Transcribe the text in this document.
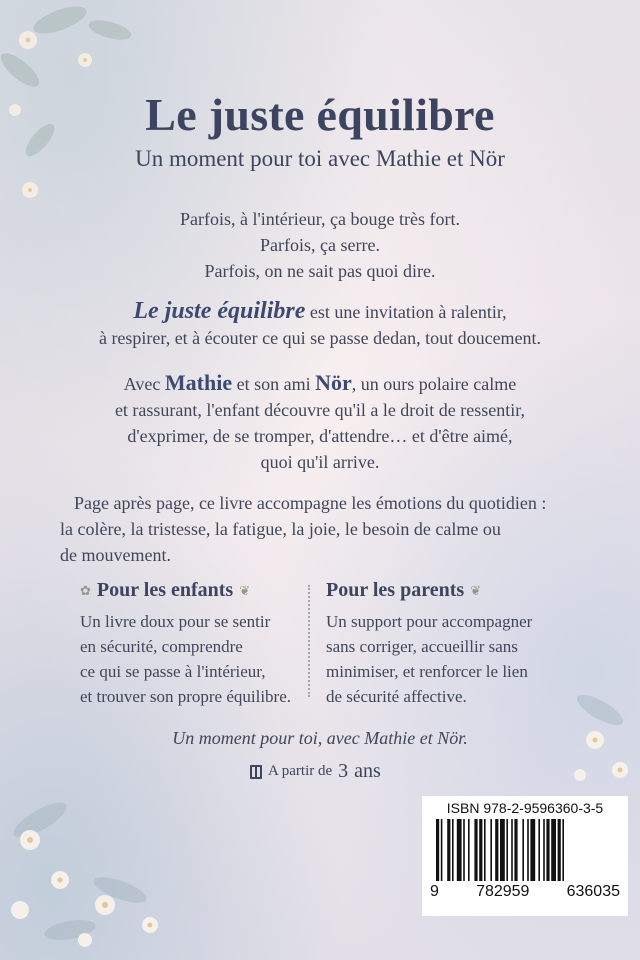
Le juste équilibre
Un moment pour toi avec Mathie et Nör
Parfois, à l'intérieur, ça bouge très fort.
Parfois, ça serre.
Parfois, on ne sait pas quoi dire.
Le juste équilibre est une invitation à ralentir,
à respirer, et à écouter ce qui se passe dedan, tout doucement.
Avec Mathie et son ami Nör, un ours polaire calme
et rassurant, l'enfant découvre qu'il a le droit de ressentir,
d'exprimer, de se tromper, d'attendre… et d'être aimé,
quoi qu'il arrive.
Page après page, ce livre accompagne les émotions du quotidien :
la colère, la tristesse, la fatigue, la joie, le besoin de calme ou
de mouvement.
✿ Pour les enfants ❦
Un livre doux pour se sentir
en sécurité, comprendre
ce qui se passe à l'intérieur,
et trouver son propre équilibre.
Pour les parents ❦
Un support pour accompagner
sans corriger, accueillir sans
minimiser, et renforcer le lien
de sécurité affective.
Un moment pour toi, avec Mathie et Nör.
A partir de 3 ans
ISBN 978-2-9596360-3-5
9 782959 636035
